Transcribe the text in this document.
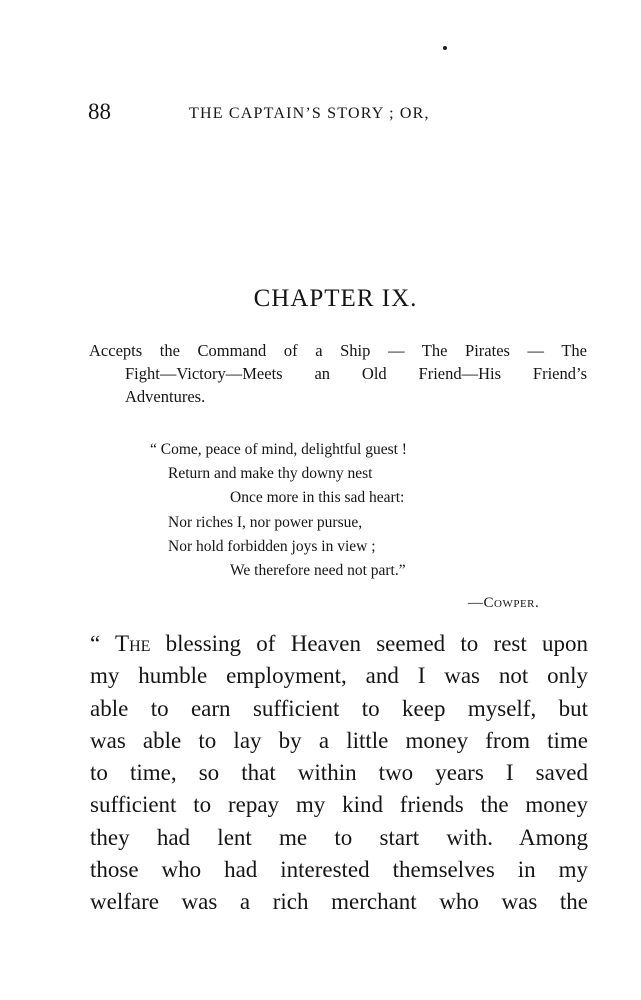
88	THE CAPTAIN’S STORY ; OR,
CHAPTER IX.
Accepts the Command of a Ship — The Pirates — The
Fight—Victory—Meets an Old Friend—His Friend’s
Adventures.
“ Come, peace of mind, delightful guest !
Return and make thy downy nest
Once more in this sad heart:
Nor riches I, nor power pursue,
Nor hold forbidden joys in view ;
We therefore need not part.”
—Cowper.
“ The blessing of Heaven seemed to rest upon
my humble employment, and I was not only
able to earn sufficient to keep myself, but
was able to lay by a little money from time
to time, so that within two years I saved
sufficient to repay my kind friends the money
they had lent me to start with. Among
those who had interested themselves in my
welfare was a rich merchant who was the
